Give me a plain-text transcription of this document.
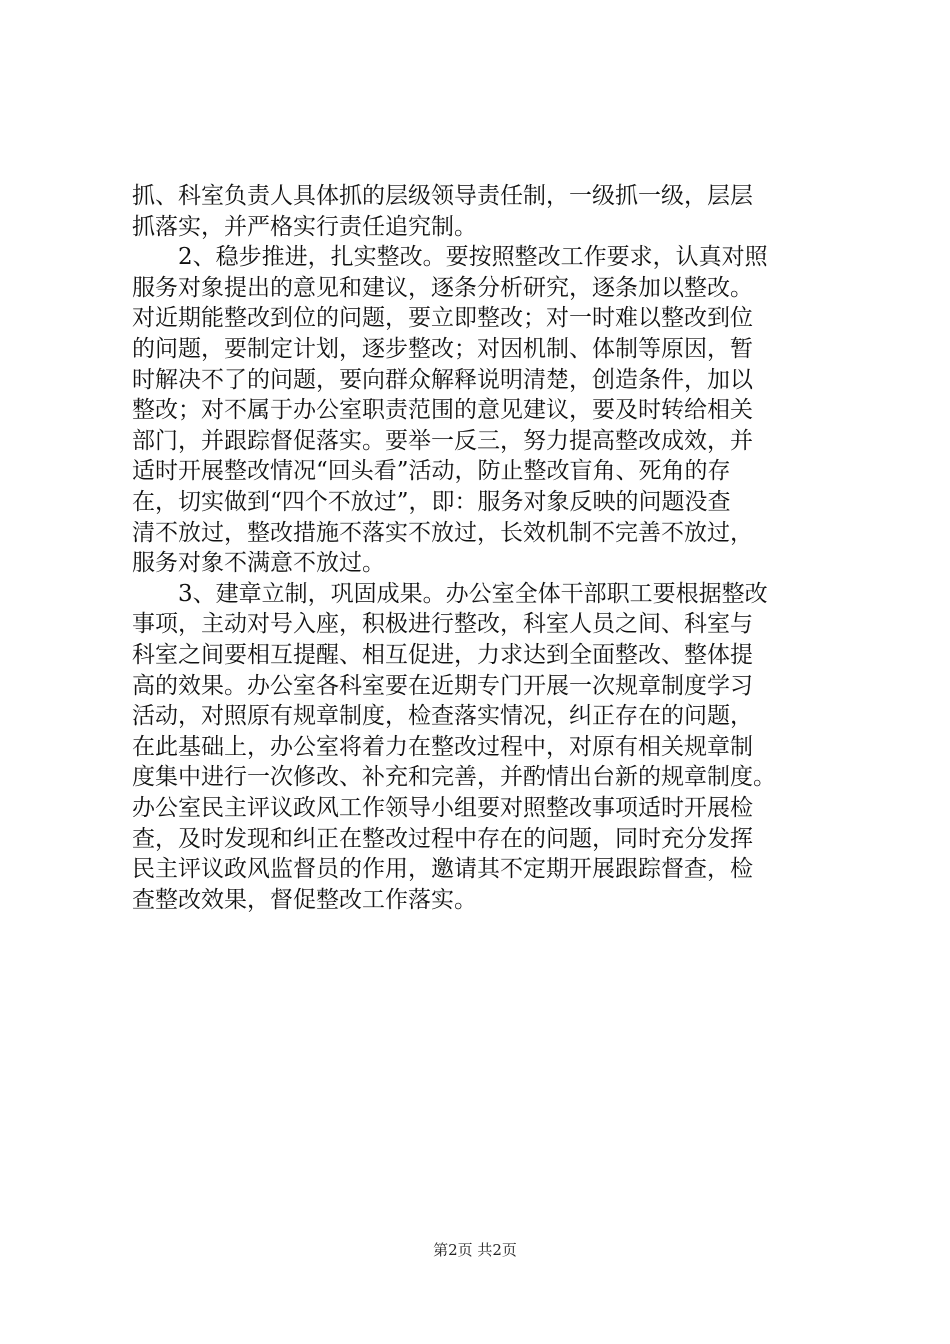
抓、科室负责人具体抓的层级领导责任制，一级抓一级，层层
抓落实，并严格实行责任追究制。
　　2、稳步推进，扎实整改。要按照整改工作要求，认真对照
服务对象提出的意见和建议，逐条分析研究，逐条加以整改。
对近期能整改到位的问题，要立即整改；对一时难以整改到位
的问题，要制定计划，逐步整改；对因机制、体制等原因，暂
时解决不了的问题，要向群众解释说明清楚，创造条件，加以
整改；对不属于办公室职责范围的意见建议，要及时转给相关
部门，并跟踪督促落实。要举一反三，努力提高整改成效，并
适时开展整改情况“回头看”活动，防止整改盲角、死角的存
在，切实做到“四个不放过”，即：服务对象反映的问题没查
清不放过，整改措施不落实不放过，长效机制不完善不放过，
服务对象不满意不放过。
　　3、建章立制，巩固成果。办公室全体干部职工要根据整改
事项，主动对号入座，积极进行整改，科室人员之间、科室与
科室之间要相互提醒、相互促进，力求达到全面整改、整体提
高的效果。办公室各科室要在近期专门开展一次规章制度学习
活动，对照原有规章制度，检查落实情况，纠正存在的问题，
在此基础上，办公室将着力在整改过程中，对原有相关规章制
度集中进行一次修改、补充和完善，并酌情出台新的规章制度。
办公室民主评议政风工作领导小组要对照整改事项适时开展检
查，及时发现和纠正在整改过程中存在的问题，同时充分发挥
民主评议政风监督员的作用，邀请其不定期开展跟踪督查，检
查整改效果，督促整改工作落实。
第2页 共2页
